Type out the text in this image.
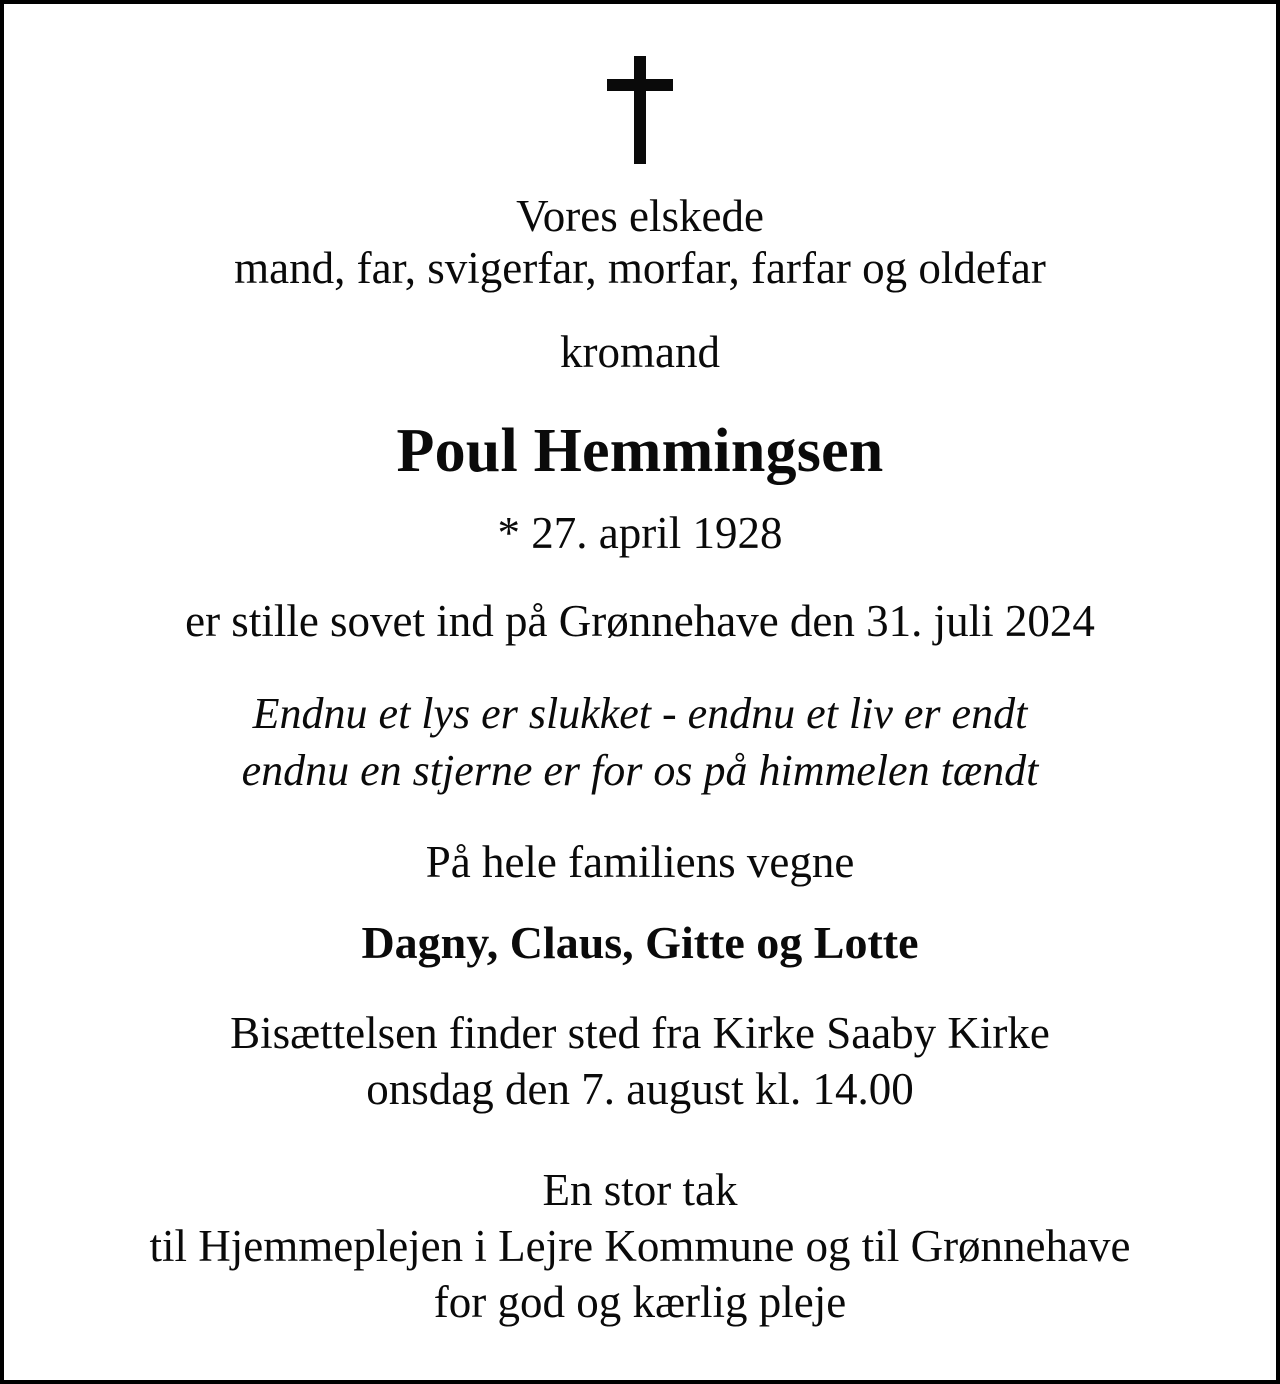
Vores elskede
mand, far, svigerfar, morfar, farfar og oldefar
kromand
Poul Hemmingsen
* 27. april 1928
er stille sovet ind på Grønnehave den 31. juli 2024
Endnu et lys er slukket - endnu et liv er endt
endnu en stjerne er for os på himmelen tændt
På hele familiens vegne
Dagny, Claus, Gitte og Lotte
Bisættelsen finder sted fra Kirke Saaby Kirke
onsdag den 7. august kl. 14.00
En stor tak
til Hjemmeplejen i Lejre Kommune og til Grønnehave
for god og kærlig pleje
